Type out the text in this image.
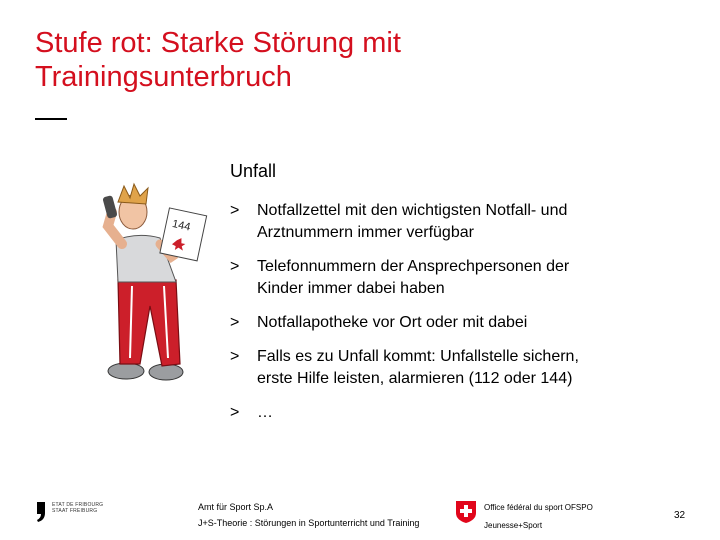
Stufe rot: Starke Störung mit
Trainingsunterbruch
144
Unfall
> Notfallzettel mit den wichtigsten Notfall- und
Arztnummern immer verfügbar
> Telefonnummern der Ansprechpersonen der
Kinder immer dabei haben
> Notfallapotheke vor Ort oder mit dabei
> Falls es zu Unfall kommt: Unfallstelle sichern,
erste Hilfe leisten, alarmieren (112 oder 144)
> …
ETAT DE FRIBOURG
STAAT FREIBURG	Amt für Sport Sp.A
J+S-Theorie : Störungen in Sportunterricht und Training
Office fédéral du sport OFSPO
Jeunesse+Sport
32
